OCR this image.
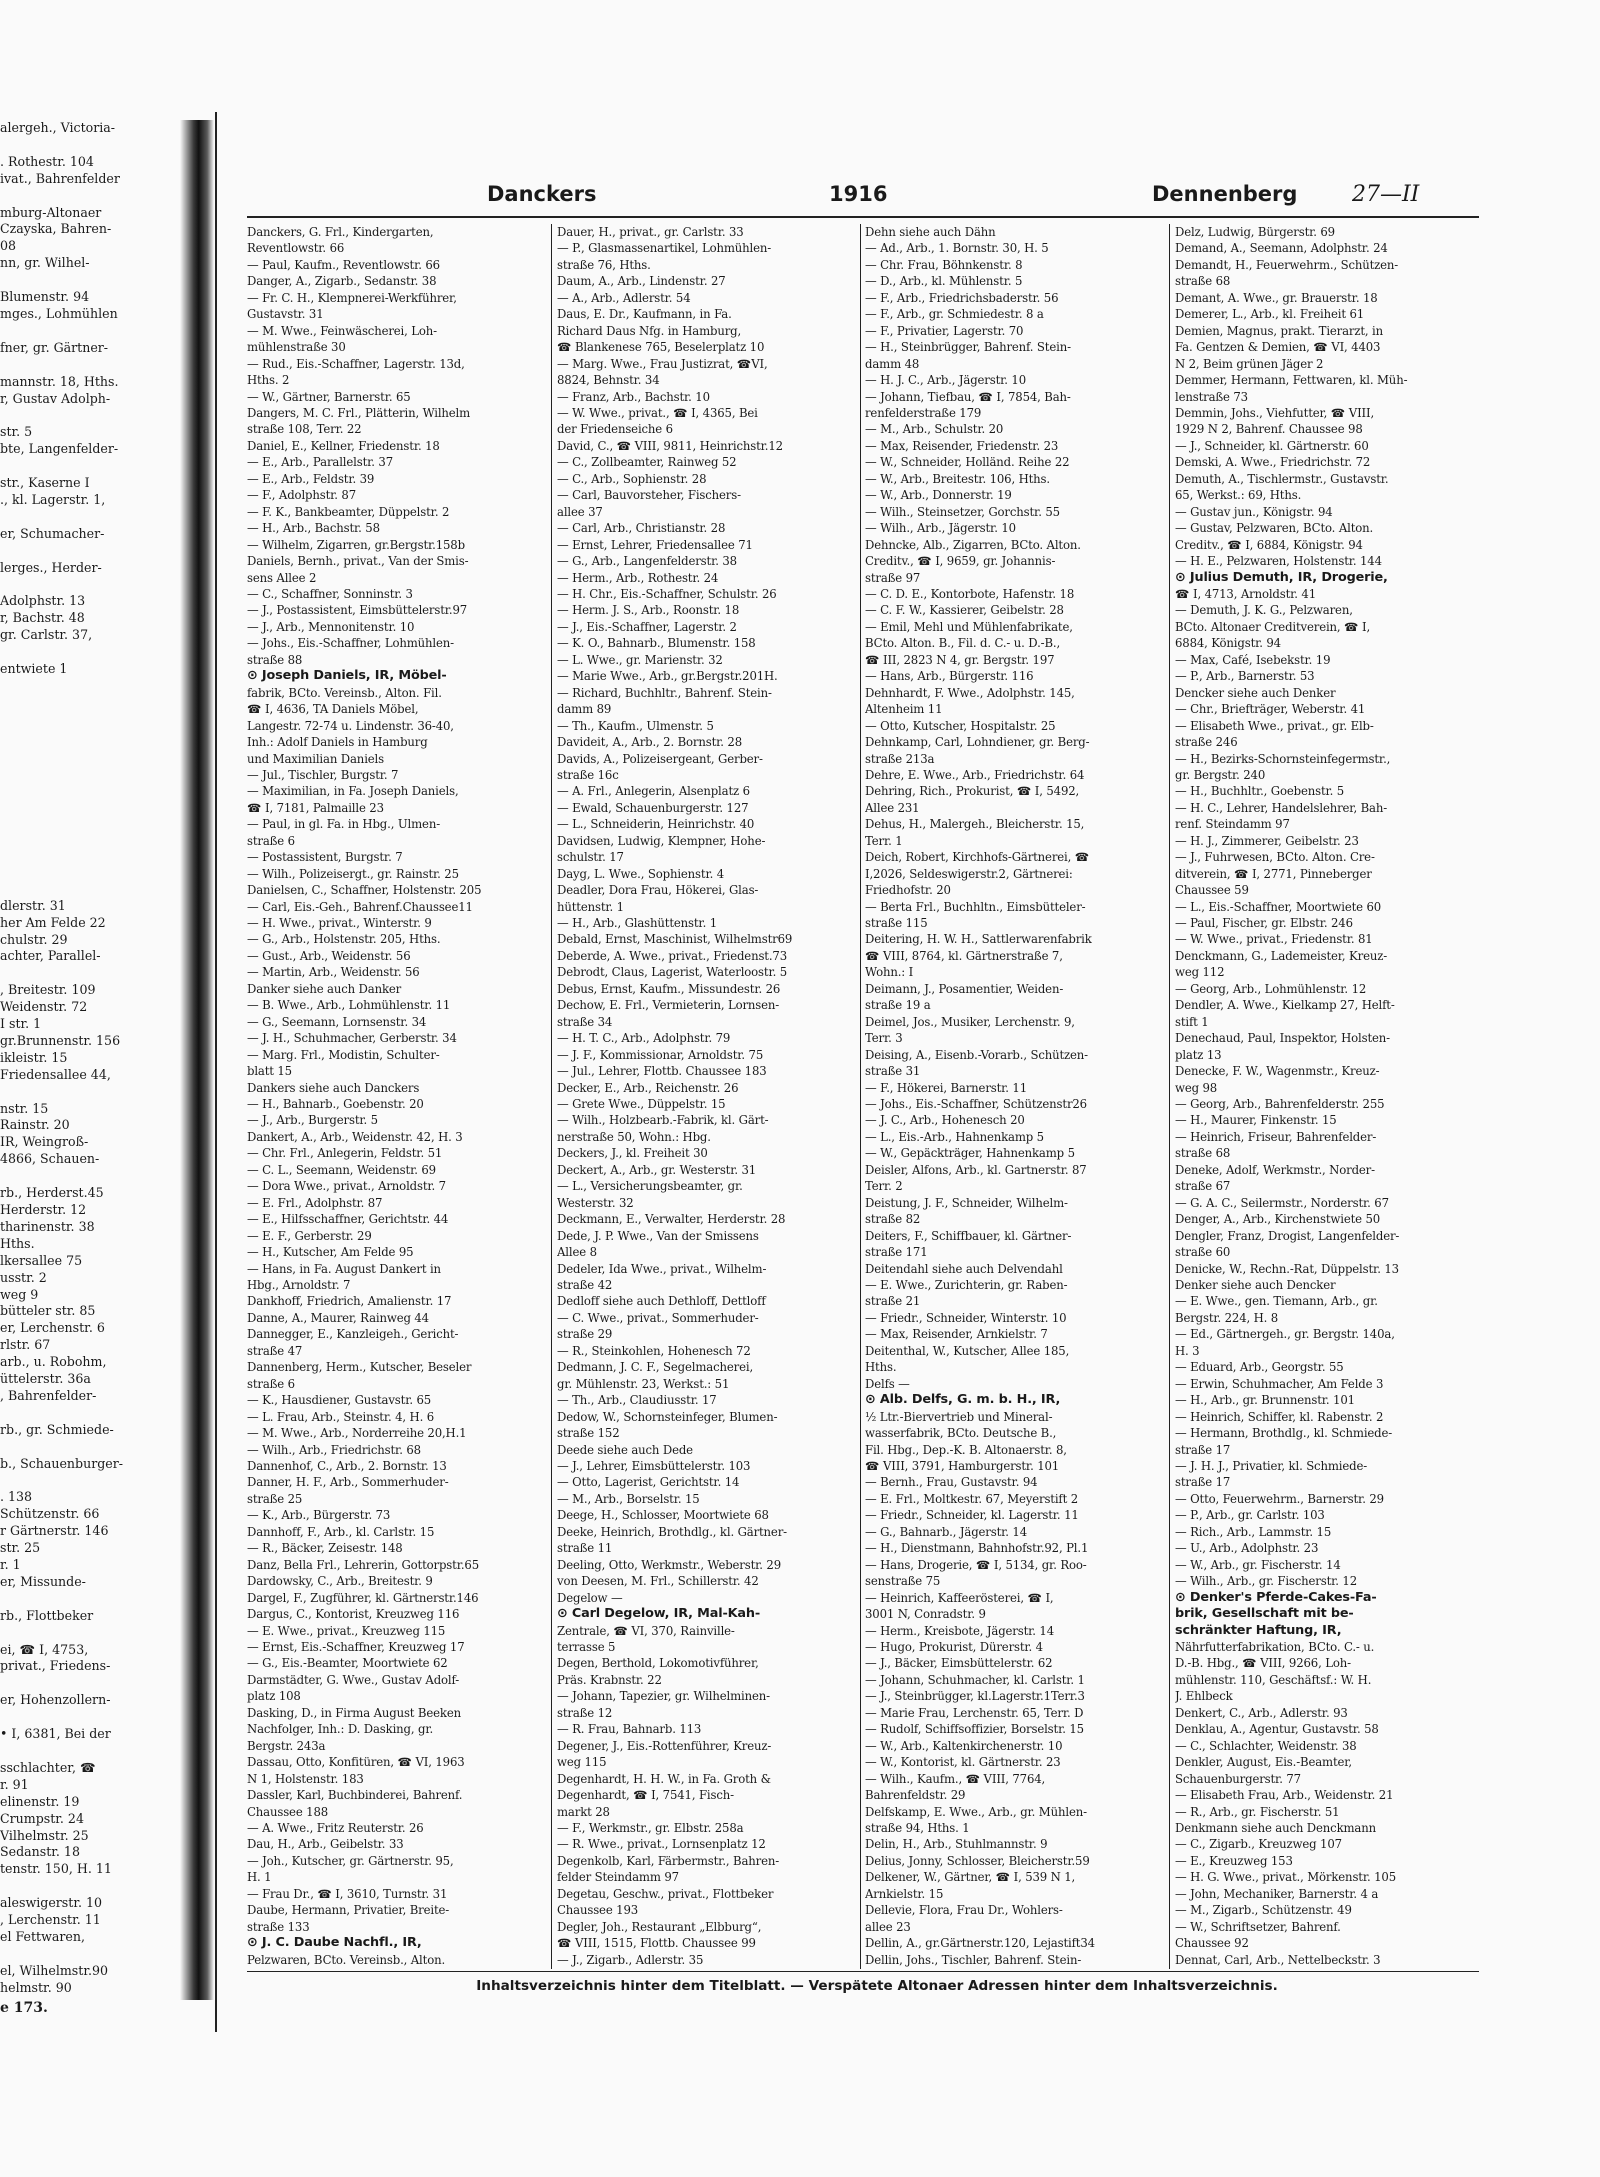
alergeh., Victoria-

. Rothestr. 104
ivat., Bahrenfelder

mburg-Altonaer
Czayska, Bahren-
08
nn, gr. Wilhel-

Blumenstr. 94
mges., Lohmühlen

fner, gr. Gärtner-

mannstr. 18, Hths.
r, Gustav Adolph-

str. 5
bte, Langenfelder-

str., Kaserne I
., kl. Lagerstr. 1,

er, Schumacher-

lerges., Herder-

Adolphstr. 13
r, Bachstr. 48
gr. Carlstr. 37,

entwiete 1

dlerstr. 31
her Am Felde 22
chulstr. 29
achter, Parallel-

, Breitestr. 109
Weidenstr. 72
I str. 1
gr.Brunnenstr. 156
ikleistr. 15
Friedensallee 44,

nstr. 15
Rainstr. 20
IR, Weingroß-
4866, Schauen-

rb., Herderst.45
Herderstr. 12
tharinenstr. 38
Hths.
lkersallee 75
usstr. 2
weg 9
bütteler str. 85
er, Lerchenstr. 6
rlstr. 67
arb., u. Robohm,
üttelerstr. 36a
, Bahrenfelder-

rb., gr. Schmiede-

b., Schauenburger-

. 138
Schützenstr. 66
r Gärtnerstr. 146
str. 25
r. 1
er, Missunde-

rb., Flottbeker

ei, ☎ I, 4753,
privat., Friedens-

er, Hohenzollern-

• I, 6381, Bei der

sschlachter, ☎
r. 91
elinenstr. 19
Crumpstr. 24
Vilhelmstr. 25
Sedanstr. 18
tenstr. 150, H. 11

aleswigerstr. 10
, Lerchenstr. 11
el Fettwaren,

el, Wilhelmstr.90
helmstr. 90
e 173.
Danckers	1916	Dennenberg 27—II
Danckers, G. Frl., Kindergarten,
Reventlowstr. 66
— Paul, Kaufm., Reventlowstr. 66
Danger, A., Zigarb., Sedanstr. 38
— Fr. C. H., Klempnerei-Werkführer,
Gustavstr. 31
— M. Wwe., Feinwäscherei, Loh-
mühlenstraße 30
— Rud., Eis.-Schaffner, Lagerstr. 13d,
Hths. 2
— W., Gärtner, Barnerstr. 65
Dangers, M. C. Frl., Plätterin, Wilhelm
straße 108, Terr. 22
Daniel, E., Kellner, Friedenstr. 18
— E., Arb., Parallelstr. 37
— E., Arb., Feldstr. 39
— F., Adolphstr. 87
— F. K., Bankbeamter, Düppelstr. 2
— H., Arb., Bachstr. 58
— Wilhelm, Zigarren, gr.Bergstr.158b
Daniels, Bernh., privat., Van der Smis-
sens Allee 2
— C., Schaffner, Sonninstr. 3
— J., Postassistent, Eimsbüttelerstr.97
— J., Arb., Mennonitenstr. 10
— Johs., Eis.-Schaffner, Lohmühlen-
straße 88
⊙ Joseph Daniels, IR, Möbel-
fabrik, BCto. Vereinsb., Alton. Fil.
☎ I, 4636, TA Daniels Möbel,
Langestr. 72-74 u. Lindenstr. 36-40,
Inh.: Adolf Daniels in Hamburg
und Maximilian Daniels
— Jul., Tischler, Burgstr. 7
— Maximilian, in Fa. Joseph Daniels,
☎ I, 7181, Palmaille 23
— Paul, in gl. Fa. in Hbg., Ulmen-
straße 6
— Postassistent, Burgstr. 7
— Wilh., Polizeisergt., gr. Rainstr. 25
Danielsen, C., Schaffner, Holstenstr. 205
— Carl, Eis.-Geh., Bahrenf.Chaussee11
— H. Wwe., privat., Winterstr. 9
— G., Arb., Holstenstr. 205, Hths.
— Gust., Arb., Weidenstr. 56
— Martin, Arb., Weidenstr. 56
Danker siehe auch Danker
— B. Wwe., Arb., Lohmühlenstr. 11
— G., Seemann, Lornsenstr. 34
— J. H., Schuhmacher, Gerberstr. 34
— Marg. Frl., Modistin, Schulter-
blatt 15
Dankers siehe auch Danckers
— H., Bahnarb., Goebenstr. 20
— J., Arb., Burgerstr. 5
Dankert, A., Arb., Weidenstr. 42, H. 3
— Chr. Frl., Anlegerin, Feldstr. 51
— C. L., Seemann, Weidenstr. 69
— Dora Wwe., privat., Arnoldstr. 7
— E. Frl., Adolphstr. 87
— E., Hilfsschaffner, Gerichtstr. 44
— E. F., Gerberstr. 29
— H., Kutscher, Am Felde 95
— Hans, in Fa. August Dankert in
Hbg., Arnoldstr. 7
Dankhoff, Friedrich, Amalienstr. 17
Danne, A., Maurer, Rainweg 44
Dannegger, E., Kanzleigeh., Gericht-
straße 47
Dannenberg, Herm., Kutscher, Beseler
straße 6
— K., Hausdiener, Gustavstr. 65
— L. Frau, Arb., Steinstr. 4, H. 6
— M. Wwe., Arb., Norderreihe 20,H.1
— Wilh., Arb., Friedrichstr. 68
Dannenhof, C., Arb., 2. Bornstr. 13
Danner, H. F., Arb., Sommerhuder-
straße 25
— K., Arb., Bürgerstr. 73
Dannhoff, F., Arb., kl. Carlstr. 15
— R., Bäcker, Zeisestr. 148
Danz, Bella Frl., Lehrerin, Gottorpstr.65
Dardowsky, C., Arb., Breitestr. 9
Dargel, F., Zugführer, kl. Gärtnerstr.146
Dargus, C., Kontorist, Kreuzweg 116
— E. Wwe., privat., Kreuzweg 115
— Ernst, Eis.-Schaffner, Kreuzweg 17
— G., Eis.-Beamter, Moortwiete 62
Darmstädter, G. Wwe., Gustav Adolf-
platz 108
Dasking, D., in Firma August Beeken
Nachfolger, Inh.: D. Dasking, gr.
Bergstr. 243a
Dassau, Otto, Konfitüren, ☎ VI, 1963
N 1, Holstenstr. 183
Dassler, Karl, Buchbinderei, Bahrenf.
Chaussee 188
— A. Wwe., Fritz Reuterstr. 26
Dau, H., Arb., Geibelstr. 33
— Joh., Kutscher, gr. Gärtnerstr. 95,
H. 1
— Frau Dr., ☎ I, 3610, Turnstr. 31
Daube, Hermann, Privatier, Breite-
straße 133
⊙ J. C. Daube Nachfl., IR,
Pelzwaren, BCto. Vereinsb., Alton.
Dauer, H., privat., gr. Carlstr. 33
— P., Glasmassenartikel, Lohmühlen-
straße 76, Hths.
Daum, A., Arb., Lindenstr. 27
— A., Arb., Adlerstr. 54
Daus, E. Dr., Kaufmann, in Fa.
Richard Daus Nfg. in Hamburg,
☎ Blankenese 765, Beselerplatz 10
— Marg. Wwe., Frau Justizrat, ☎VI,
8824, Behnstr. 34
— Franz, Arb., Bachstr. 10
— W. Wwe., privat., ☎ I, 4365, Bei
der Friedenseiche 6
David, C., ☎ VIII, 9811, Heinrichstr.12
— C., Zollbeamter, Rainweg 52
— C., Arb., Sophienstr. 28
— Carl, Bauvorsteher, Fischers-
allee 37
— Carl, Arb., Christianstr. 28
— Ernst, Lehrer, Friedensallee 71
— G., Arb., Langenfelderstr. 38
— Herm., Arb., Rothestr. 24
— H. Chr., Eis.-Schaffner, Schulstr. 26
— Herm. J. S., Arb., Roonstr. 18
— J., Eis.-Schaffner, Lagerstr. 2
— K. O., Bahnarb., Blumenstr. 158
— L. Wwe., gr. Marienstr. 32
— Marie Wwe., Arb., gr.Bergstr.201H.
— Richard, Buchhltr., Bahrenf. Stein-
damm 89
— Th., Kaufm., Ulmenstr. 5
Davideit, A., Arb., 2. Bornstr. 28
Davids, A., Polizeisergeant, Gerber-
straße 16c
— A. Frl., Anlegerin, Alsenplatz 6
— Ewald, Schauenburgerstr. 127
— L., Schneiderin, Heinrichstr. 40
Davidsen, Ludwig, Klempner, Hohe-
schulstr. 17
Dayg, L. Wwe., Sophienstr. 4
Deadler, Dora Frau, Hökerei, Glas-
hüttenstr. 1
— H., Arb., Glashüttenstr. 1
Debald, Ernst, Maschinist, Wilhelmstr69
Deberde, A. Wwe., privat., Friedenst.73
Debrodt, Claus, Lagerist, Waterloostr. 5
Debus, Ernst, Kaufm., Missundestr. 26
Dechow, E. Frl., Vermieterin, Lornsen-
straße 34
— H. T. C., Arb., Adolphstr. 79
— J. F., Kommissionar, Arnoldstr. 75
— Jul., Lehrer, Flottb. Chaussee 183
Decker, E., Arb., Reichenstr. 26
— Grete Wwe., Düppelstr. 15
— Wilh., Holzbearb.-Fabrik, kl. Gärt-
nerstraße 50, Wohn.: Hbg.
Deckers, J., kl. Freiheit 30
Deckert, A., Arb., gr. Westerstr. 31
— L., Versicherungsbeamter, gr.
Westerstr. 32
Deckmann, E., Verwalter, Herderstr. 28
Dede, J. P. Wwe., Van der Smissens
Allee 8
Dedeler, Ida Wwe., privat., Wilhelm-
straße 42
Dedloff siehe auch Dethloff, Dettloff
— C. Wwe., privat., Sommerhuder-
straße 29
— R., Steinkohlen, Hohenesch 72
Dedmann, J. C. F., Segelmacherei,
gr. Mühlenstr. 23, Werkst.: 51
— Th., Arb., Claudiusstr. 17
Dedow, W., Schornsteinfeger, Blumen-
straße 152
Deede siehe auch Dede
— J., Lehrer, Eimsbüttelerstr. 103
— Otto, Lagerist, Gerichtstr. 14
— M., Arb., Borselstr. 15
Deege, H., Schlosser, Moortwiete 68
Deeke, Heinrich, Brothdlg., kl. Gärtner-
straße 11
Deeling, Otto, Werkmstr., Weberstr. 29
von Deesen, M. Frl., Schillerstr. 42
Degelow —
⊙ Carl Degelow, IR, Mal-Kah-
Zentrale, ☎ VI, 370, Rainville-
terrasse 5
Degen, Berthold, Lokomotivführer,
Präs. Krabnstr. 22
— Johann, Tapezier, gr. Wilhelminen-
straße 12
— R. Frau, Bahnarb. 113
Degener, J., Eis.-Rottenführer, Kreuz-
weg 115
Degenhardt, H. H. W., in Fa. Groth &
Degenhardt, ☎ I, 7541, Fisch-
markt 28
— F., Werkmstr., gr. Elbstr. 258a
— R. Wwe., privat., Lornsenplatz 12
Degenkolb, Karl, Färbermstr., Bahren-
felder Steindamm 97
Degetau, Geschw., privat., Flottbeker
Chaussee 193
Degler, Joh., Restaurant „Elbburg“,
☎ VIII, 1515, Flottb. Chaussee 99
— J., Zigarb., Adlerstr. 35
Dehn siehe auch Dähn
— Ad., Arb., 1. Bornstr. 30, H. 5
— Chr. Frau, Böhnkenstr. 8
— D., Arb., kl. Mühlenstr. 5
— F., Arb., Friedrichsbaderstr. 56
— F., Arb., gr. Schmiedestr. 8 a
— F., Privatier, Lagerstr. 70
— H., Steinbrügger, Bahrenf. Stein-
damm 48
— H. J. C., Arb., Jägerstr. 10
— Johann, Tiefbau, ☎ I, 7854, Bah-
renfelderstraße 179
— M., Arb., Schulstr. 20
— Max, Reisender, Friedenstr. 23
— W., Schneider, Holländ. Reihe 22
— W., Arb., Breitestr. 106, Hths.
— W., Arb., Donnerstr. 19
— Wilh., Steinsetzer, Gorchstr. 55
— Wilh., Arb., Jägerstr. 10
Dehncke, Alb., Zigarren, BCto. Alton.
Creditv., ☎ I, 9659, gr. Johannis-
straße 97
— C. D. E., Kontorbote, Hafenstr. 18
— C. F. W., Kassierer, Geibelstr. 28
— Emil, Mehl und Mühlenfabrikate,
BCto. Alton. B., Fil. d. C.- u. D.-B.,
☎ III, 2823 N 4, gr. Bergstr. 197
— Hans, Arb., Bürgerstr. 116
Dehnhardt, F. Wwe., Adolphstr. 145,
Altenheim 11
— Otto, Kutscher, Hospitalstr. 25
Dehnkamp, Carl, Lohndiener, gr. Berg-
straße 213a
Dehre, E. Wwe., Arb., Friedrichstr. 64
Dehring, Rich., Prokurist, ☎ I, 5492,
Allee 231
Dehus, H., Malergeh., Bleicherstr. 15,
Terr. 1
Deich, Robert, Kirchhofs-Gärtnerei, ☎
I,2026, Seldeswigerstr.2, Gärtnerei:
Friedhofstr. 20
— Berta Frl., Buchhltn., Eimsbütteler-
straße 115
Deitering, H. W. H., Sattlerwarenfabrik
☎ VIII, 8764, kl. Gärtnerstraße 7,
Wohn.: I
Deimann, J., Posamentier, Weiden-
straße 19 a
Deimel, Jos., Musiker, Lerchenstr. 9,
Terr. 3
Deising, A., Eisenb.-Vorarb., Schützen-
straße 31
— F., Hökerei, Barnerstr. 11
— Johs., Eis.-Schaffner, Schützenstr26
— J. C., Arb., Hohenesch 20
— L., Eis.-Arb., Hahnenkamp 5
— W., Gepäckträger, Hahnenkamp 5
Deisler, Alfons, Arb., kl. Gartnerstr. 87
Terr. 2
Deistung, J. F., Schneider, Wilhelm-
straße 82
Deiters, F., Schiffbauer, kl. Gärtner-
straße 171
Deitendahl siehe auch Delvendahl
— E. Wwe., Zurichterin, gr. Raben-
straße 21
— Friedr., Schneider, Winterstr. 10
— Max, Reisender, Arnkielstr. 7
Deitenthal, W., Kutscher, Allee 185,
Hths.
Delfs —
⊙ Alb. Delfs, G. m. b. H., IR,
½ Ltr.-Biervertrieb und Mineral-
wasserfabrik, BCto. Deutsche B.,
Fil. Hbg., Dep.-K. B. Altonaerstr. 8,
☎ VIII, 3791, Hamburgerstr. 101
— Bernh., Frau, Gustavstr. 94
— E. Frl., Moltkestr. 67, Meyerstift 2
— Friedr., Schneider, kl. Lagerstr. 11
— G., Bahnarb., Jägerstr. 14
— H., Dienstmann, Bahnhofstr.92, Pl.1
— Hans, Drogerie, ☎ I, 5134, gr. Roo-
senstraße 75
— Heinrich, Kaffeerösterei, ☎ I,
3001 N, Conradstr. 9
— Herm., Kreisbote, Jägerstr. 14
— Hugo, Prokurist, Dürerstr. 4
— J., Bäcker, Eimsbüttelerstr. 62
— Johann, Schuhmacher, kl. Carlstr. 1
— J., Steinbrügger, kl.Lagerstr.1Terr.3
— Marie Frau, Lerchenstr. 65, Terr. D
— Rudolf, Schiffsoffizier, Borselstr. 15
— W., Arb., Kaltenkirchenerstr. 10
— W., Kontorist, kl. Gärtnerstr. 23
— Wilh., Kaufm., ☎ VIII, 7764,
Bahrenfeldstr. 29
Delfskamp, E. Wwe., Arb., gr. Mühlen-
straße 94, Hths. 1
Delin, H., Arb., Stuhlmannstr. 9
Delius, Jonny, Schlosser, Bleicherstr.59
Delkener, W., Gärtner, ☎ I, 539 N 1,
Arnkielstr. 15
Dellevie, Flora, Frau Dr., Wohlers-
allee 23
Dellin, A., gr.Gärtnerstr.120, Lejastift34
Dellin, Johs., Tischler, Bahrenf. Stein-
Delz, Ludwig, Bürgerstr. 69
Demand, A., Seemann, Adolphstr. 24
Demandt, H., Feuerwehrm., Schützen-
straße 68
Demant, A. Wwe., gr. Brauerstr. 18
Demerer, L., Arb., kl. Freiheit 61
Demien, Magnus, prakt. Tierarzt, in
Fa. Gentzen & Demien, ☎ VI, 4403
N 2, Beim grünen Jäger 2
Demmer, Hermann, Fettwaren, kl. Müh-
lenstraße 73
Demmin, Johs., Viehfutter, ☎ VIII,
1929 N 2, Bahrenf. Chaussee 98
— J., Schneider, kl. Gärtnerstr. 60
Demski, A. Wwe., Friedrichstr. 72
Demuth, A., Tischlermstr., Gustavstr.
65, Werkst.: 69, Hths.
— Gustav jun., Königstr. 94
— Gustav, Pelzwaren, BCto. Alton.
Creditv., ☎ I, 6884, Königstr. 94
— H. E., Pelzwaren, Holstenstr. 144
⊙ Julius Demuth, IR, Drogerie,
☎ I, 4713, Arnoldstr. 41
— Demuth, J. K. G., Pelzwaren,
BCto. Altonaer Creditverein, ☎ I,
6884, Königstr. 94
— Max, Café, Isebekstr. 19
— P., Arb., Barnerstr. 53
Dencker siehe auch Denker
— Chr., Briefträger, Weberstr. 41
— Elisabeth Wwe., privat., gr. Elb-
straße 246
— H., Bezirks-Schornsteinfegermstr.,
gr. Bergstr. 240
— H., Buchhltr., Goebenstr. 5
— H. C., Lehrer, Handelslehrer, Bah-
renf. Steindamm 97
— H. J., Zimmerer, Geibelstr. 23
— J., Fuhrwesen, BCto. Alton. Cre-
ditverein, ☎ I, 2771, Pinneberger
Chaussee 59
— L., Eis.-Schaffner, Moortwiete 60
— Paul, Fischer, gr. Elbstr. 246
— W. Wwe., privat., Friedenstr. 81
Denckmann, G., Lademeister, Kreuz-
weg 112
— Georg, Arb., Lohmühlenstr. 12
Dendler, A. Wwe., Kielkamp 27, Helft-
stift 1
Denechaud, Paul, Inspektor, Holsten-
platz 13
Denecke, F. W., Wagenmstr., Kreuz-
weg 98
— Georg, Arb., Bahrenfelderstr. 255
— H., Maurer, Finkenstr. 15
— Heinrich, Friseur, Bahrenfelder-
straße 68
Deneke, Adolf, Werkmstr., Norder-
straße 67
— G. A. C., Seilermstr., Norderstr. 67
Denger, A., Arb., Kirchenstwiete 50
Dengler, Franz, Drogist, Langenfelder-
straße 60
Denicke, W., Rechn.-Rat, Düppelstr. 13
Denker siehe auch Dencker
— E. Wwe., gen. Tiemann, Arb., gr.
Bergstr. 224, H. 8
— Ed., Gärtnergeh., gr. Bergstr. 140a,
H. 3
— Eduard, Arb., Georgstr. 55
— Erwin, Schuhmacher, Am Felde 3
— H., Arb., gr. Brunnenstr. 101
— Heinrich, Schiffer, kl. Rabenstr. 2
— Hermann, Brothdlg., kl. Schmiede-
straße 17
— J. H. J., Privatier, kl. Schmiede-
straße 17
— Otto, Feuerwehrm., Barnerstr. 29
— P., Arb., gr. Carlstr. 103
— Rich., Arb., Lammstr. 15
— U., Arb., Adolphstr. 23
— W., Arb., gr. Fischerstr. 14
— Wilh., Arb., gr. Fischerstr. 12
⊙ Denker's Pferde-Cakes-Fa-
brik, Gesellschaft mit be-
schränkter Haftung, IR,
Nährfutterfabrikation, BCto. C.- u.
D.-B. Hbg., ☎ VIII, 9266, Loh-
mühlenstr. 110, Geschäftsf.: W. H.
J. Ehlbeck
Denkert, C., Arb., Adlerstr. 93
Denklau, A., Agentur, Gustavstr. 58
— C., Schlachter, Weidenstr. 38
Denkler, August, Eis.-Beamter,
Schauenburgerstr. 77
— Elisabeth Frau, Arb., Weidenstr. 21
— R., Arb., gr. Fischerstr. 51
Denkmann siehe auch Denckmann
— C., Zigarb., Kreuzweg 107
— E., Kreuzweg 153
— H. G. Wwe., privat., Mörkenstr. 105
— John, Mechaniker, Barnerstr. 4 a
— M., Zigarb., Schützenstr. 49
— W., Schriftsetzer, Bahrenf.
Chaussee 92
Dennat, Carl, Arb., Nettelbeckstr. 3
Inhaltsverzeichnis hinter dem Titelblatt. — Verspätete Altonaer Adressen hinter dem Inhaltsverzeichnis.
